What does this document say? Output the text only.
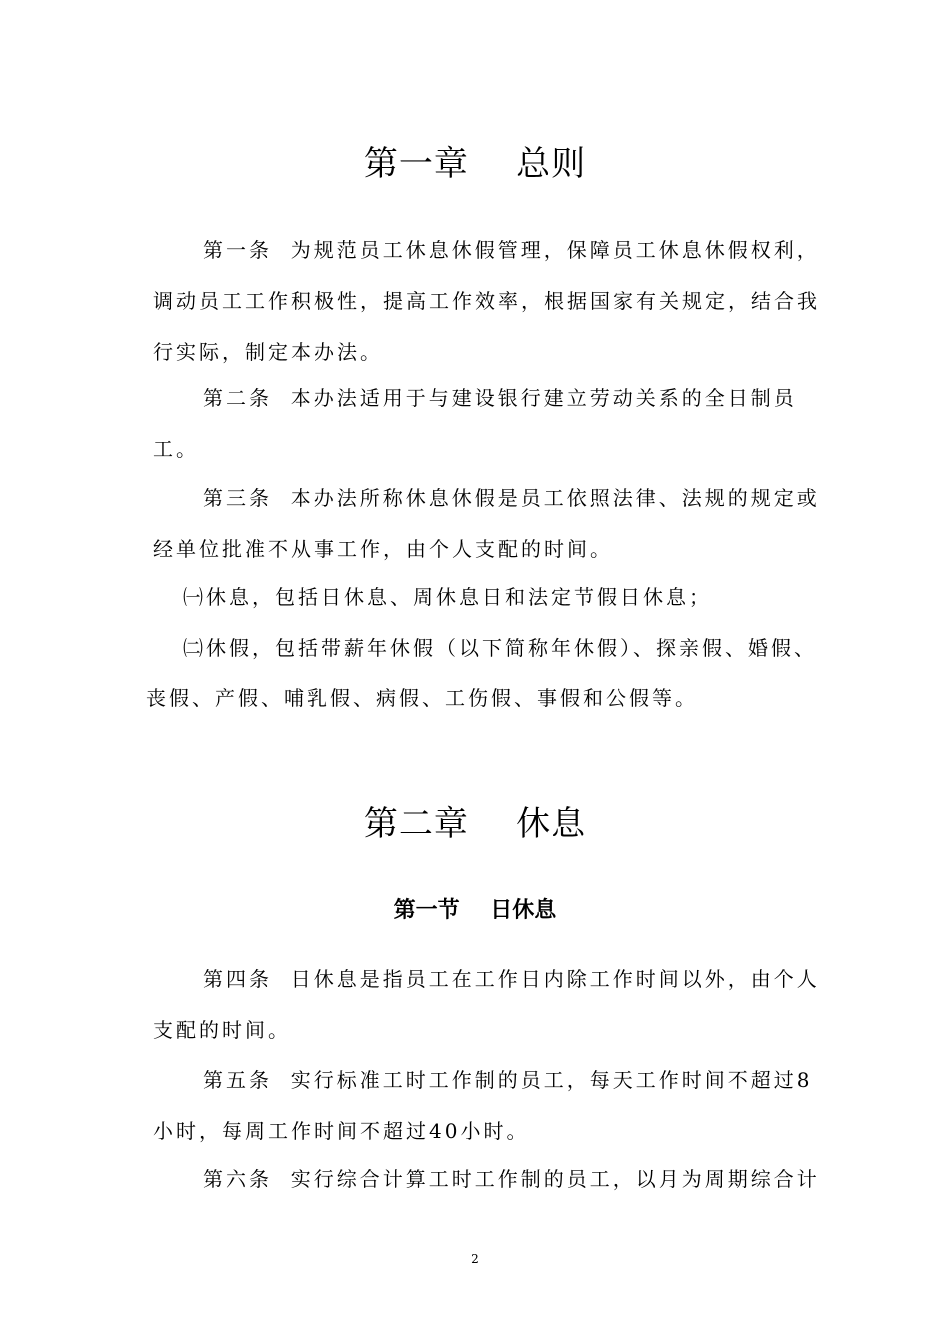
第一章    总则
第一条  为规范员工休息休假管理，保障员工休息休假权利，
调动员工工作积极性，提高工作效率，根据国家有关规定，结合我
行实际，制定本办法。
第二条  本办法适用于与建设银行建立劳动关系的全日制员
工。
第三条  本办法所称休息休假是员工依照法律、法规的规定或
经单位批准不从事工作，由个人支配的时间。
㈠休息，包括日休息、周休息日和法定节假日休息；
㈡休假，包括带薪年休假（以下简称年休假）、探亲假、婚假、
丧假、产假、哺乳假、病假、工伤假、事假和公假等。
第二章    休息
第一节    日休息
第四条  日休息是指员工在工作日内除工作时间以外，由个人
支配的时间。
第五条  实行标准工时工作制的员工，每天工作时间不超过8
小时，每周工作时间不超过40小时。
第六条  实行综合计算工时工作制的员工，以月为周期综合计
2
